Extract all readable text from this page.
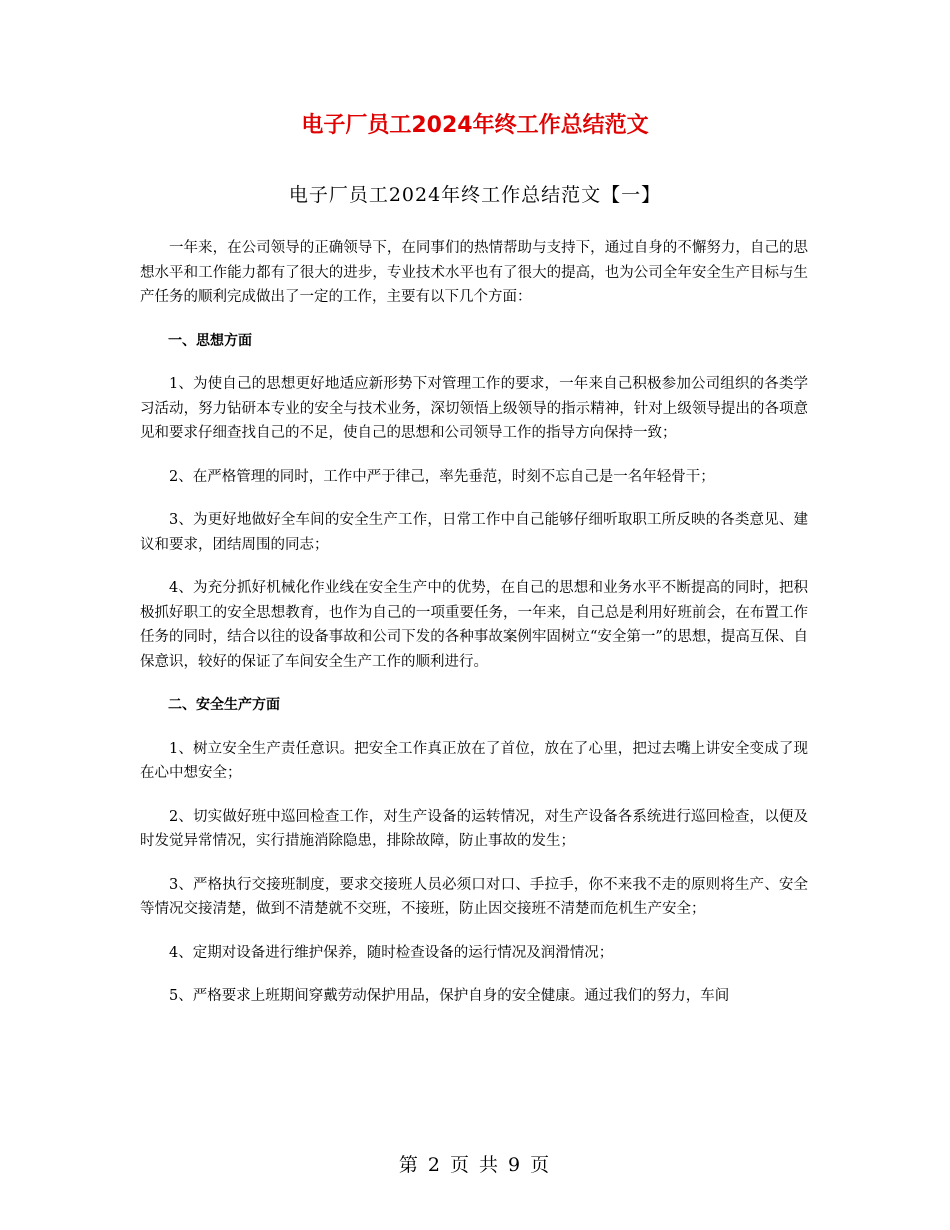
电子厂员工2024年终工作总结范文
电子厂员工2024年终工作总结范文【一】

一年来，在公司领导的正确领导下，在同事们的热情帮助与支持下，通过自身的不懈努力，自己的思想水平和工作能力都有了很大的进步，专业技术水平也有了很大的提高，也为公司全年安全生产目标与生产任务的顺利完成做出了一定的工作，主要有以下几个方面：

一、思想方面

1、为使自己的思想更好地适应新形势下对管理工作的要求，一年来自己积极参加公司组织的各类学习活动，努力钻研本专业的安全与技术业务，深切领悟上级领导的指示精神，针对上级领导提出的各项意见和要求仔细查找自己的不足，使自己的思想和公司领导工作的指导方向保持一致；

2、在严格管理的同时，工作中严于律己，率先垂范，时刻不忘自己是一名年轻骨干；

3、为更好地做好全车间的安全生产工作，日常工作中自己能够仔细听取职工所反映的各类意见、建议和要求，团结周围的同志；

4、为充分抓好机械化作业线在安全生产中的优势，在自己的思想和业务水平不断提高的同时，把积极抓好职工的安全思想教育，也作为自己的一项重要任务，一年来，自己总是利用好班前会，在布置工作任务的同时，结合以往的设备事故和公司下发的各种事故案例牢固树立“安全第一”的思想，提高互保、自保意识，较好的保证了车间安全生产工作的顺利进行。

二、安全生产方面

1、树立安全生产责任意识。把安全工作真正放在了首位，放在了心里，把过去嘴上讲安全变成了现在心中想安全；

2、切实做好班中巡回检查工作，对生产设备的运转情况，对生产设备各系统进行巡回检查，以便及时发觉异常情况，实行措施消除隐患，排除故障，防止事故的发生；

3、严格执行交接班制度，要求交接班人员必须口对口、手拉手，你不来我不走的原则将生产、安全等情况交接清楚，做到不清楚就不交班，不接班，防止因交接班不清楚而危机生产安全；

4、定期对设备进行维护保养，随时检查设备的运行情况及润滑情况；

5、严格要求上班期间穿戴劳动保护用品，保护自身的安全健康。通过我们的努力，车间

第 2 页 共 9 页
